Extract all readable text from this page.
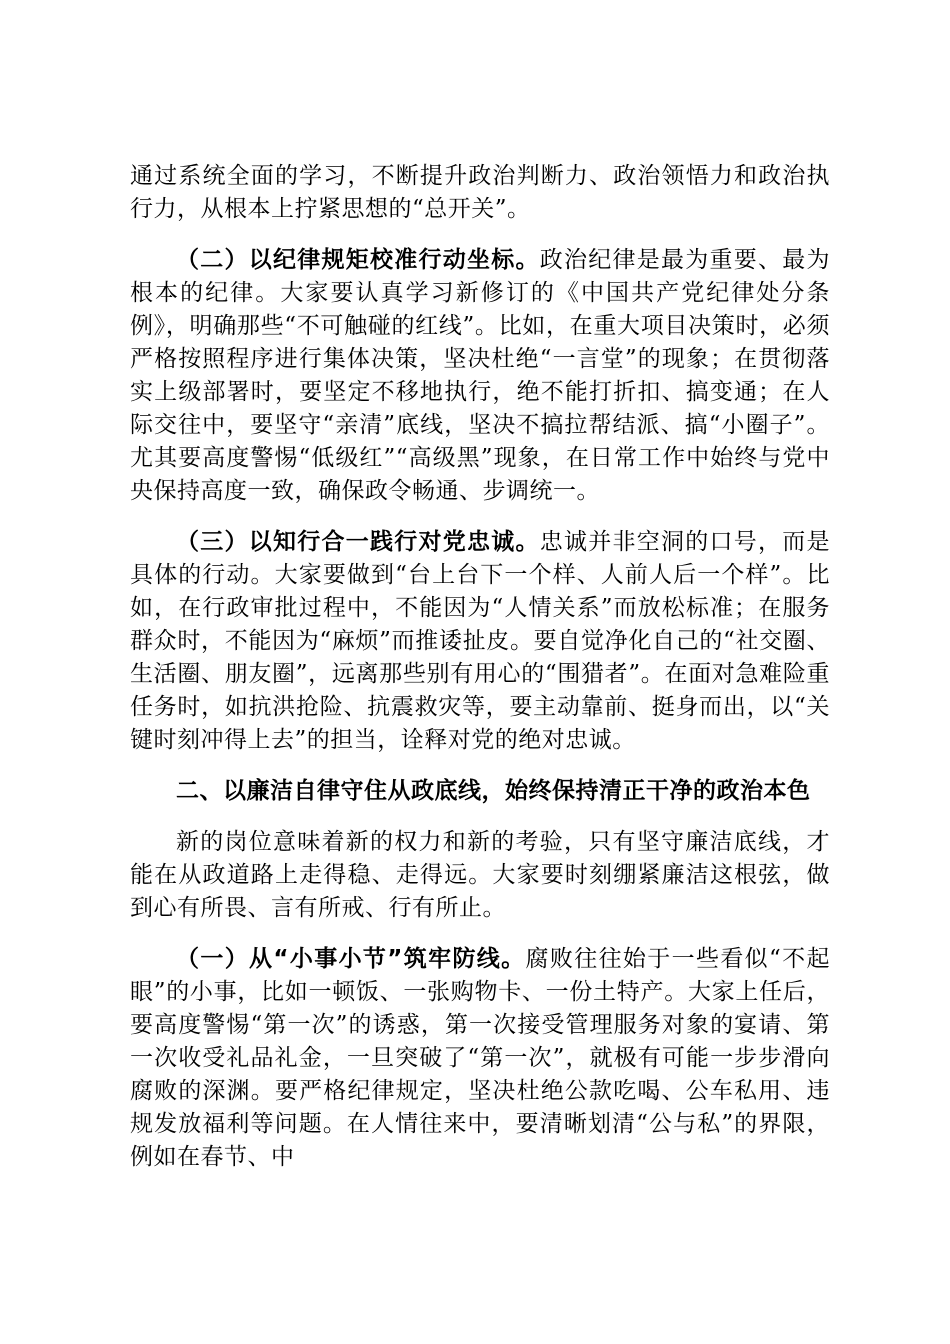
通过系统全面的学习，不断提升政治判断力、政治领悟力和政治执行力，从根本上拧紧思想的“总开关”。

（二）以纪律规矩校准行动坐标。政治纪律是最为重要、最为根本的纪律。大家要认真学习新修订的《中国共产党纪律处分条例》，明确那些“不可触碰的红线”。比如，在重大项目决策时，必须严格按照程序进行集体决策，坚决杜绝“一言堂”的现象；在贯彻落实上级部署时，要坚定不移地执行，绝不能打折扣、搞变通；在人际交往中，要坚守“亲清”底线，坚决不搞拉帮结派、搞“小圈子”。尤其要高度警惕“低级红”“高级黑”现象，在日常工作中始终与党中央保持高度一致，确保政令畅通、步调统一。

（三）以知行合一践行对党忠诚。忠诚并非空洞的口号，而是具体的行动。大家要做到“台上台下一个样、人前人后一个样”。比如，在行政审批过程中，不能因为“人情关系”而放松标准；在服务群众时，不能因为“麻烦”而推诿扯皮。要自觉净化自己的“社交圈、生活圈、朋友圈”，远离那些别有用心的“围猎者”。在面对急难险重任务时，如抗洪抢险、抗震救灾等，要主动靠前、挺身而出，以“关键时刻冲得上去”的担当，诠释对党的绝对忠诚。

二、以廉洁自律守住从政底线，始终保持清正干净的政治本色

新的岗位意味着新的权力和新的考验，只有坚守廉洁底线，才能在从政道路上走得稳、走得远。大家要时刻绷紧廉洁这根弦，做到心有所畏、言有所戒、行有所止。

（一）从“小事小节”筑牢防线。腐败往往始于一些看似“不起眼”的小事，比如一顿饭、一张购物卡、一份土特产。大家上任后，要高度警惕“第一次”的诱惑，第一次接受管理服务对象的宴请、第一次收受礼品礼金，一旦突破了“第一次”，就极有可能一步步滑向腐败的深渊。要严格纪律规定，坚决杜绝公款吃喝、公车私用、违规发放福利等问题。在人情往来中，要清晰划清“公与私”的界限，例如在春节、中
